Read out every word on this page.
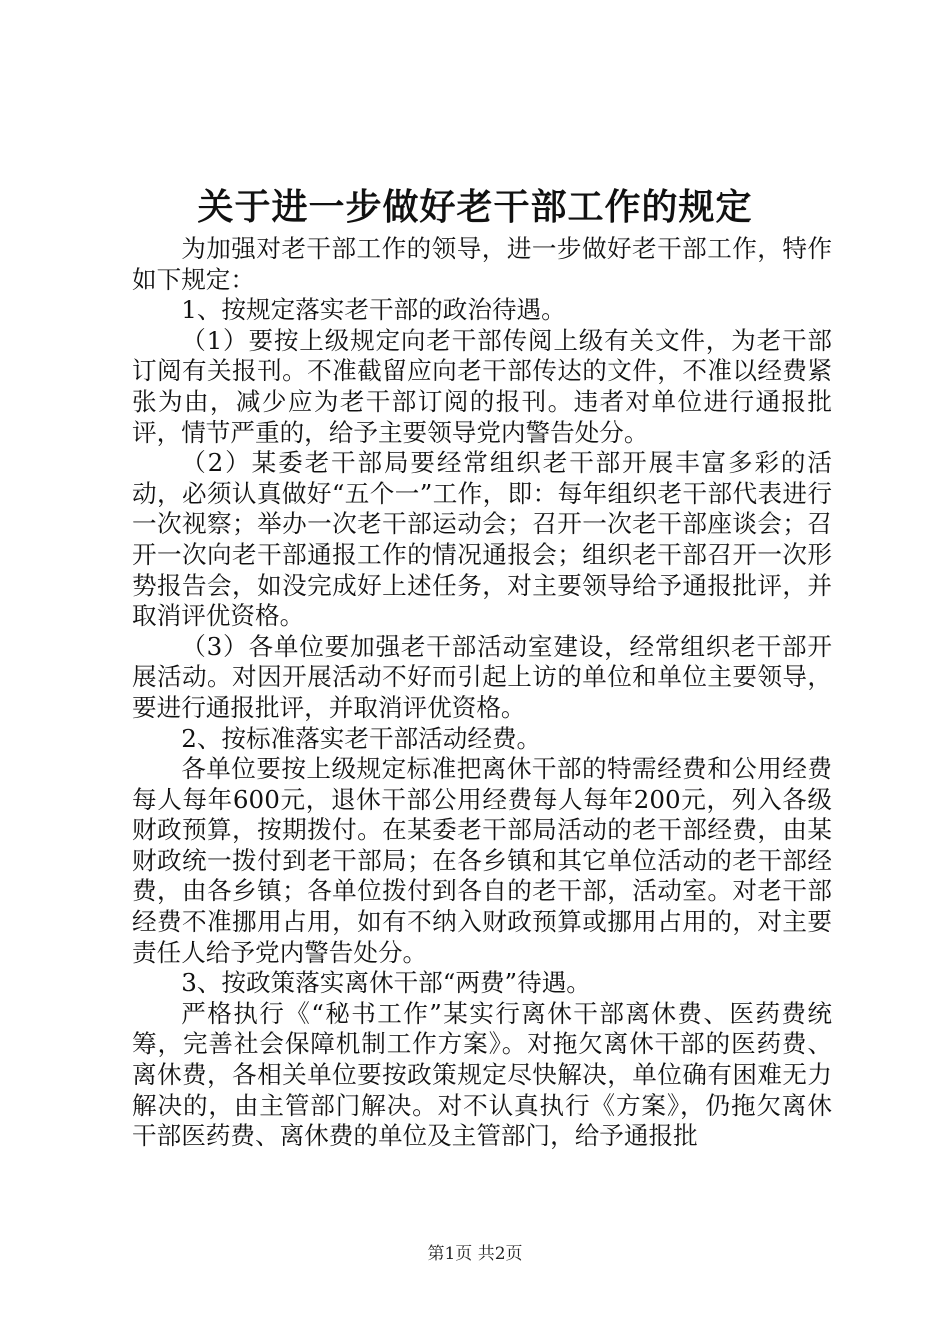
关于进一步做好老干部工作的规定

为加强对老干部工作的领导，进一步做好老干部工作，特作如下规定：

1、按规定落实老干部的政治待遇。

（1）要按上级规定向老干部传阅上级有关文件，为老干部订阅有关报刊。不准截留应向老干部传达的文件，不准以经费紧张为由，减少应为老干部订阅的报刊。违者对单位进行通报批评，情节严重的，给予主要领导党内警告处分。

（2）某委老干部局要经常组织老干部开展丰富多彩的活动，必须认真做好“五个一”工作，即：每年组织老干部代表进行一次视察；举办一次老干部运动会；召开一次老干部座谈会；召开一次向老干部通报工作的情况通报会；组织老干部召开一次形势报告会，如没完成好上述任务，对主要领导给予通报批评，并取消评优资格。

（3）各单位要加强老干部活动室建设，经常组织老干部开展活动。对因开展活动不好而引起上访的单位和单位主要领导，要进行通报批评，并取消评优资格。

2、按标准落实老干部活动经费。

各单位要按上级规定标准把离休干部的特需经费和公用经费每人每年600元，退休干部公用经费每人每年200元，列入各级财政预算，按期拨付。在某委老干部局活动的老干部经费，由某财政统一拨付到老干部局；在各乡镇和其它单位活动的老干部经费，由各乡镇；各单位拨付到各自的老干部，活动室。对老干部经费不准挪用占用，如有不纳入财政预算或挪用占用的，对主要责任人给予党内警告处分。

3、按政策落实离休干部“两费”待遇。

严格执行《“秘书工作”某实行离休干部离休费、医药费统筹，完善社会保障机制工作方案》。对拖欠离休干部的医药费、离休费，各相关单位要按政策规定尽快解决，单位确有困难无力解决的，由主管部门解决。对不认真执行《方案》，仍拖欠离休干部医药费、离休费的单位及主管部门，给予通报批

第1页 共2页
